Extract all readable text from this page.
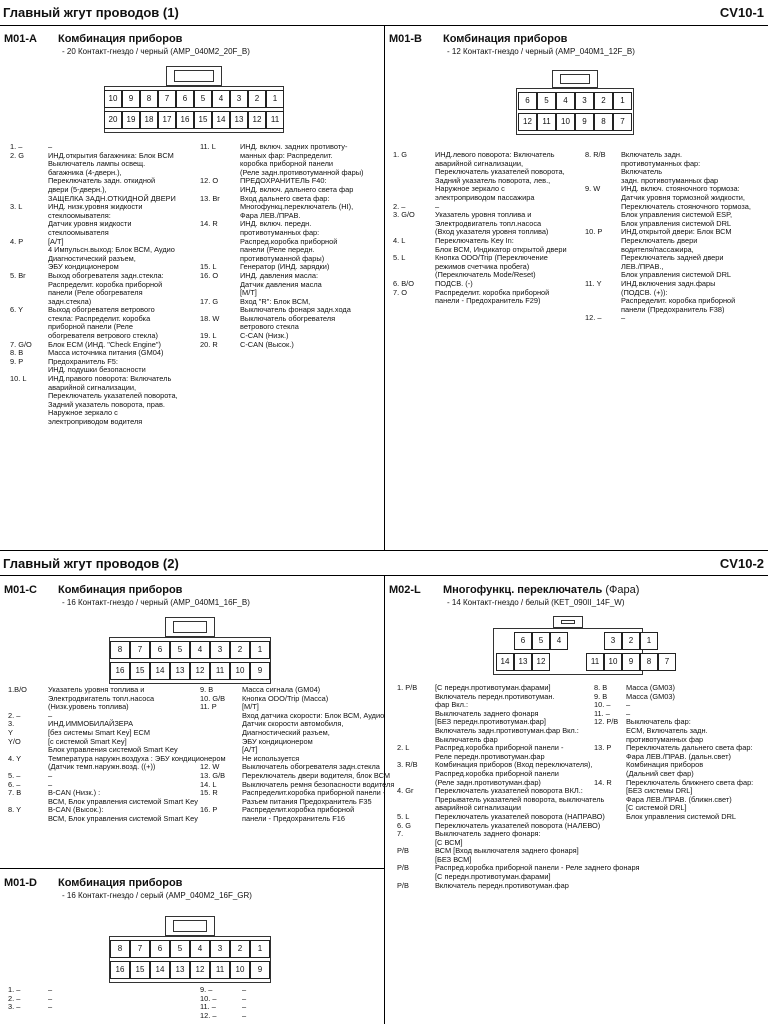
Главный жгут проводов (1)	CV10-1
Главный жгут проводов (2)	CV10-2
M01-A Комбинация приборов
- 20 Контакт-гнездо / черный (AMP_040M2_20F_B)
10	9	8	7	6	5	4	3	2	1
20	19	18	17	16	15	14	13	12	11
1. –	–
2. G	ИНД.открытия багажника: Блок BCM
Выключатель лампы освещ.
багажника (4-дверн.),
Переключатель задн. откидной
двери (5-дверн.),
ЗАЩЕЛКА ЗАДН.ОТКИДНОЙ ДВЕРИ
3. L	ИНД. низк.уровня жидкости
стеклоомывателя:
Датчик уровня жидкости
стеклоомывателя
4. P	[A/T]
4 Импульсн.выход: Блок ВСМ, Аудио
Диагностический разъем,
ЭБУ кондиционером
5. Br	Выход обогревателя задн.стекла:
Распределит. коробка приборной
панели (Реле обогревателя
задн.стекла)
6. Y	Выход обогревателя ветрового
стекла: Распределит. коробка
приборной панели (Реле
обогревателя ветрового стекла)
7. G/O	Блок ECM (ИНД. "Check Engine")
8. B	Масса источника питания (GM04)
9. P	Предохранитель F5:
ИНД. подушки безопасности
10. L	ИНД.правого поворота: Включатель
аварийной сигнализации,
Переключатель указателей поворота,
Задний указатель поворота, прав.
Наружное зеркало с
электроприводом водителя
11. L	ИНД. включ. задних противоту-
манных фар: Распределит.
коробка приборной панели
(Реле задн.противотуманной фары)
12. O	ПРЕДОХРАНИТЕЛЬ F40:
ИНД. включ. дальнего света фар
13. Br	Вход дальнего света фар:
Многофункц.переключатель (HI),
Фара ЛЕВ./ПРАВ.
14. R	ИНД. включ. передн.
противотуманных фар:
Распред.коробка приборной
панели (Реле передн.
противотуманной фары)
15. L	Генератор (ИНД. зарядки)
16. O	ИНД. давления масла:
Датчик давления масла
[M/T]
17. G	Вход "R": Блок ВСМ,
Выключатель фонаря задн.хода
18. W	Выключатель обогревателя
ветрового стекла
19. L	C-CAN (Низк.)
20. R	C-CAN (Высок.)
M01-B Комбинация приборов
- 12 Контакт-гнездо / черный (AMP_040M1_12F_B)
6	5	4	3	2	1
12	11	10	9	8	7
1. G	ИНД.левого поворота: Включатель
аварийной сигнализации,
Переключатель указателей поворота,
Задний указатель поворота, лев.,
Наружное зеркало с
электроприводом пассажира
2. –	–
3. G/O	Указатель уровня топлива и
Электродвигатель топл.насоса
(Вход указателя уровня топлива)
4. L	Переключатель Key In:
Блок ВСМ, Индикатор открытой двери
5. L	Кнопка ODO/Trip (Переключение
режимов счетчика пробега)
(Переключатель Mode/Reset)
6. B/O	ПОДСВ. (-)
7. O	Распределит. коробка приборной
панели - Предохранитель F29)
8. R/B	Включатель задн.
противотуманных фар:
Включатель
задн. противотуманных фар
9. W	ИНД. включ. стояночного тормоза:
Датчик уровня тормозной жидкости,
Переключатель стояночного тормоза,
Блок управления системой ESP,
Блок управления системой DRL
10. P	ИНД.открытой двери: Блок ВСМ
Переключатель двери
водителя/пассажира,
Переключатель задней двери
ЛЕВ./ПРАВ.,
Блок управления системой DRL
11. Y	ИНД.включения задн.фары
(ПОДСВ. (+)):
Распределит. коробка приборной
панели (Предохранитель F38)
12. –	–
M01-C Комбинация приборов
- 16 Контакт-гнездо / черный (AMP_040M1_16F_B)
8	7	6	5	4	3	2	1
16	15	14	13	12	11	10	9
1.B/O	Указатель уровня топлива и
Электродвигатель топл.насоса
(Низк.уровень топлива)
2. –	–
3.	ИНД.ИММОБИЛАЙЗЕРА
Y	[без системы Smart Key] ECM
Y/O	[с системой Smart Key]
Блок управления системой Smart Key
4. Y	Температура наружн.воздуха : ЭБУ кондиционером
(Датчик темп.наружн.возд. ((+))
5. –	–
6. –	–
7. B	B-CAN (Низк.) :
ВСМ, Блок управления системой Smart Key
8. Y	B-CAN (Высок.):
ВСМ, Блок управления системой Smart Key
9. B	Масса сигнала (GM04)
10. G/B	Кнопка ODO/Trip (Масса)
11. P	[M/T]
Вход датчика скорости: Блок ВСМ, Аудио
Датчик скорости автомобиля,
Диагностический разъем,
ЭБУ кондиционером
[A/T]
Не используется
12. W	Выключатель обогревателя задн.стекла
13. G/B	Переключатель двери водителя, блок ВСМ
14. L	Выключатель ремня безопасности водителя
15. R	Распределит.коробка приборной панели -
Разъем питания Предохранитель F35
16. P	Распределит.коробка приборной
панели - Предохранитель F16
M01-D Комбинация приборов
- 16 Контакт-гнездо / серый (AMP_040M2_16F_GR)
8	7	6	5	4	3	2	1
16	15	14	13	12	11	10	9
1. –	–
2. –	–
3. –	–
9. –	–
10. –	–
11. –	–
12. –	–
M02-L Многофункц. переключатель (Фара)
- 14 Контакт-гнездо / белый (KET_090II_14F_W)
6	5	4	3	2	1
14	13	12	11	10	9	8	7
1. P/B	[С передн.противотуман.фарами]
Включатель передн.противотуман.
фар Вкл.:
Выключатель заднего фонаря
[БЕЗ передн.противотуман.фар]
Включатель задн.противотуман.фар Вкл.:
Выключатель фар
2. L	Распред.коробка приборной панели -
Реле передн.противотуман.фар
3. R/B	Комбинация приборов (Вход переключателя),
Распред.коробка приборной панели
(Реле задн.противотуман.фар)
4. Gr	Переключатель указателей поворота ВКЛ.:
Прерыватель указателей поворота, выключатель
аварийной сигнализации
5. L	Переключатель указателей поворота (НАПРАВО)
6. G	Переключатель указателей поворота (НАЛЕВО)
7.	Выключатель заднего фонаря:
[С ВСМ]
P/B	ВСМ [Вход выключателя заднего фонаря]
[БЕЗ ВСМ]
P/B	Распред.коробка приборной панели - Реле заднего фонаря
[С передн.противотуман.фарами]
P/B	Включатель передн.противотуман.фар
8. B	Масса (GM03)
9. B	Масса (GM03)
10. –	–
11. –	–
12. P/B	Выключатель фар:
ECM, Включатель задн.
противотуманных фар
13. P	Переключатель дальнего света фар:
Фара ЛЕВ./ПРАВ. (дальн.свет)
Комбинация приборов
(Дальний свет фар)
14. R	Переключатель ближнего света фар:
[БЕЗ системы DRL]
Фара ЛЕВ./ПРАВ. (ближн.свет)
[С системой DRL]
Блок управления системой DRL
